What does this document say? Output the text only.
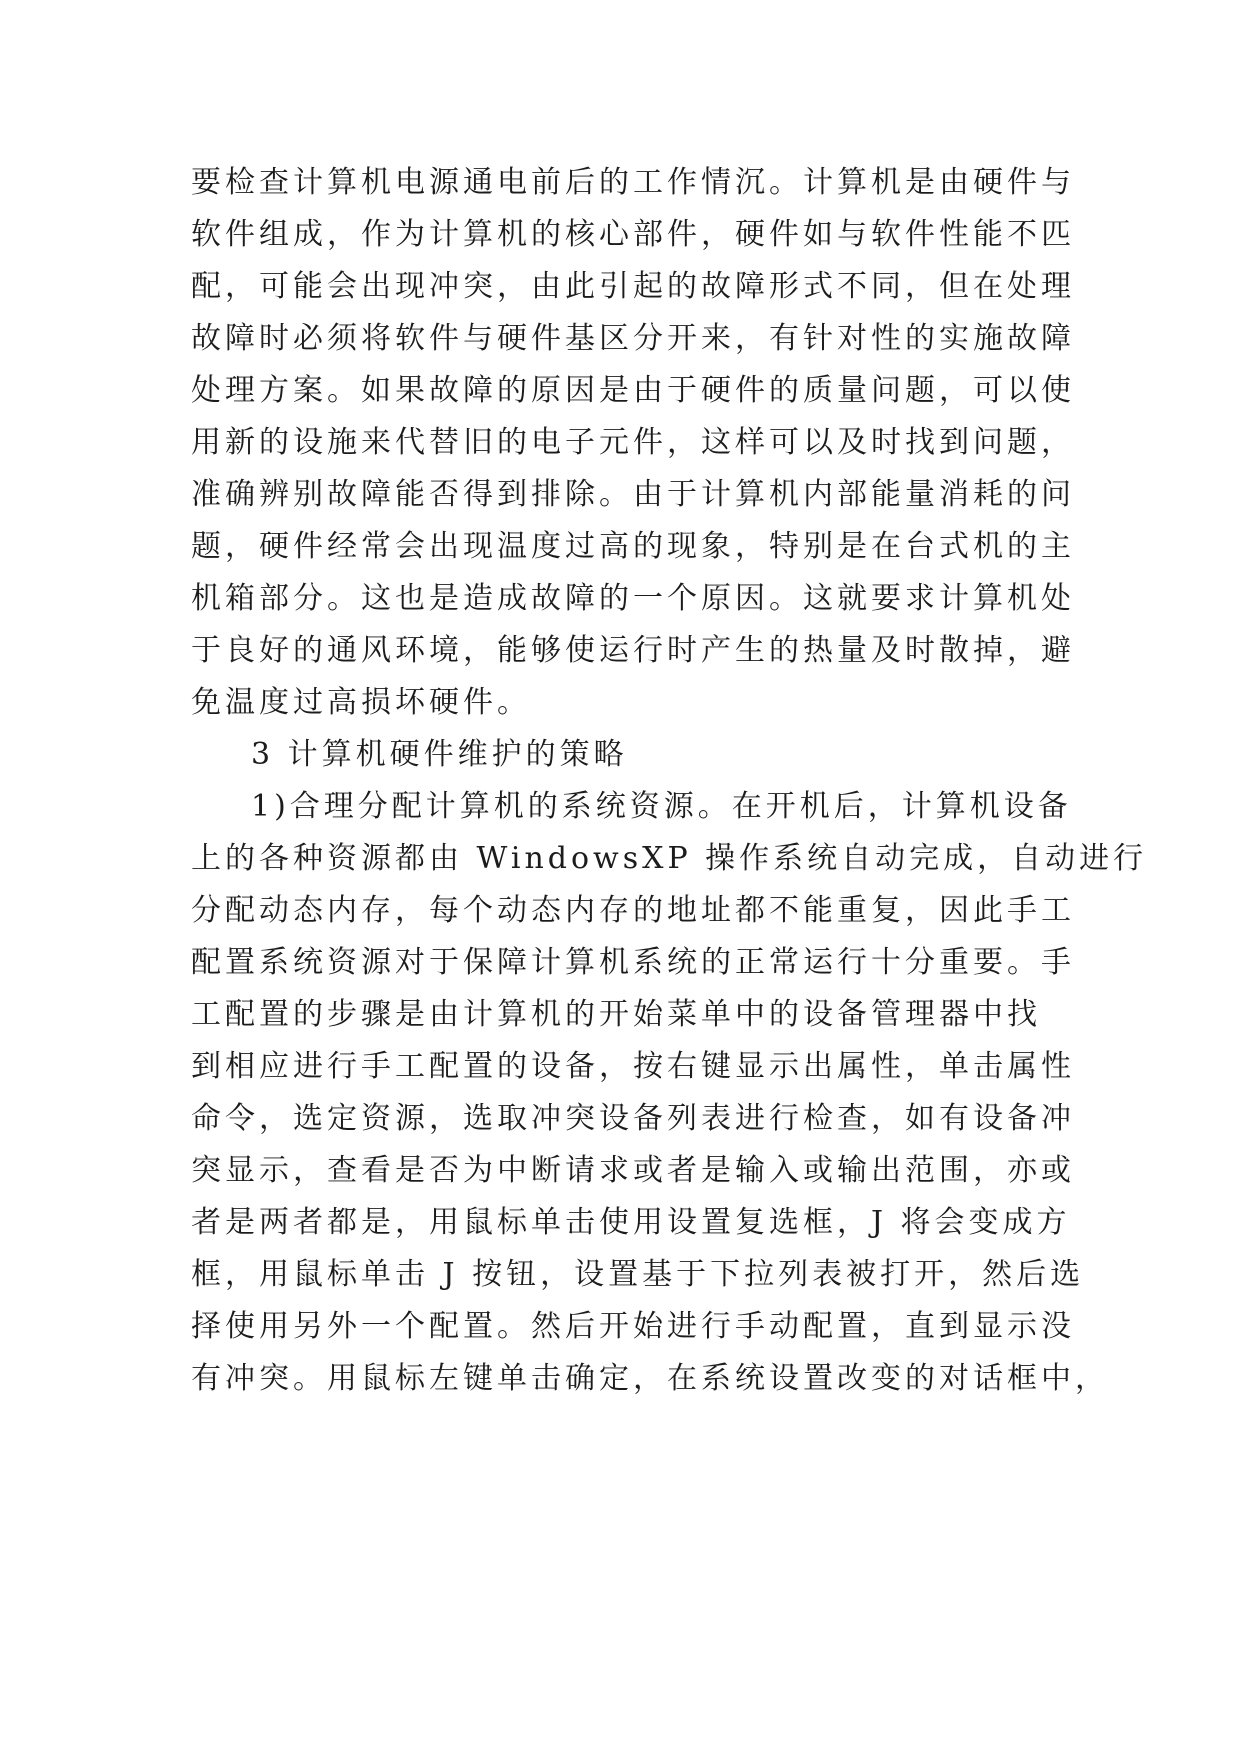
要检查计算机电源通电前后的工作情沉。计算机是由硬件与
软件组成，作为计算机的核心部件，硬件如与软件性能不匹
配，可能会出现冲突，由此引起的故障形式不同，但在处理
故障时必须将软件与硬件基区分开来，有针对性的实施故障
处理方案。如果故障的原因是由于硬件的质量问题，可以使
用新的设施来代替旧的电子元件，这样可以及时找到问题，
准确辨别故障能否得到排除。由于计算机内部能量消耗的问
题，硬件经常会出现温度过高的现象，特别是在台式机的主
机箱部分。这也是造成故障的一个原因。这就要求计算机处
于良好的通风环境，能够使运行时产生的热量及时散掉，避
免温度过高损坏硬件。
3 计算机硬件维护的策略
1)合理分配计算机的系统资源。在开机后，计算机设备
上的各种资源都由 WindowsXP 操作系统自动完成，自动进行
分配动态内存，每个动态内存的地址都不能重复，因此手工
配置系统资源对于保障计算机系统的正常运行十分重要。手
工配置的步骤是由计算机的开始菜单中的设备管理器中找
到相应进行手工配置的设备，按右键显示出属性，单击属性
命令，选定资源，选取冲突设备列表进行检查，如有设备冲
突显示，查看是否为中断请求或者是输入或输出范围，亦或
者是两者都是，用鼠标单击使用设置复选框，J 将会变成方
框，用鼠标单击 J 按钮，设置基于下拉列表被打开，然后选
择使用另外一个配置。然后开始进行手动配置，直到显示没
有冲突。用鼠标左键单击确定，在系统设置改变的对话框中，
